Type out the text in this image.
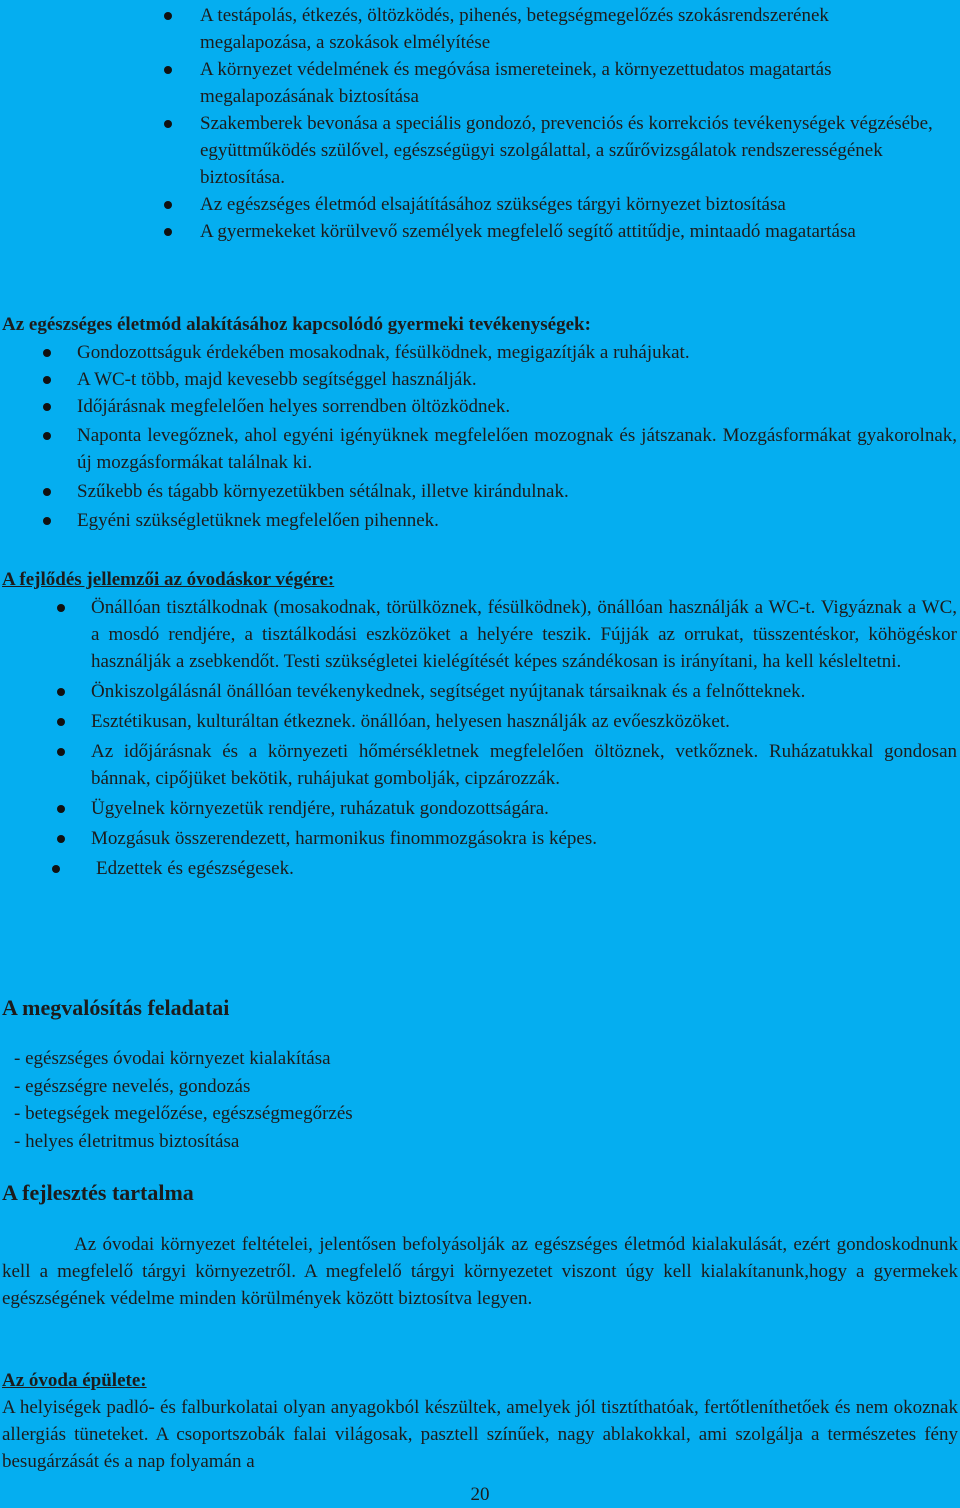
A testápolás, étkezés, öltözködés, pihenés, betegségmegelőzés szokásrendszerének megalapozása, a szokások elmélyítése
A környezet védelmének és megóvása ismereteinek, a környezettudatos magatartás megalapozásának biztosítása
Szakemberek bevonása a speciális gondozó, prevenciós és korrekciós tevékenységek végzésébe, együttműködés szülővel, egészségügyi szolgálattal, a szűrővizsgálatok rendszerességének biztosítása.
Az egészséges életmód elsajátításához szükséges tárgyi környezet biztosítása
A gyermekeket körülvevő személyek megfelelő segítő attitűdje, mintaadó magatartása
Az egészséges életmód alakításához kapcsolódó gyermeki tevékenységek:
Gondozottságuk érdekében mosakodnak, fésülködnek, megigazítják a ruhájukat.
A WC-t több, majd kevesebb segítséggel használják.
Időjárásnak megfelelően helyes sorrendben öltözködnek.
Naponta levegőznek, ahol egyéni igényüknek megfelelően mozognak és játszanak. Mozgásformákat gyakorolnak, új mozgásformákat találnak ki.
Szűkebb és tágabb környezetükben sétálnak, illetve kirándulnak.
Egyéni szükségletüknek megfelelően pihennek.
A fejlődés jellemzői az óvodáskor végére:
Önállóan tisztálkodnak (mosakodnak, törülköznek, fésülködnek), önállóan használják a WC-t. Vigyáznak a WC, a mosdó rendjére, a tisztálkodási eszközöket a helyére teszik. Fújják az orrukat, tüsszentéskor, köhögéskor használják a zsebkendőt. Testi szükségletei kielégítését képes szándékosan is irányítani, ha kell késleltetni.
Önkiszolgálásnál önállóan tevékenykednek, segítséget nyújtanak társaiknak és a felnőtteknek.
Esztétikusan, kulturáltan étkeznek. önállóan, helyesen használják az evőeszközöket.
Az időjárásnak és a környezeti hőmérsékletnek megfelelően öltöznek, vetkőznek. Ruházatukkal gondosan bánnak, cipőjüket bekötik, ruhájukat gombolják, cipzározzák.
Ügyelnek környezetük rendjére, ruházatuk gondozottságára.
Mozgásuk összerendezett, harmonikus finommozgásokra is képes.
Edzettek és egészségesek.
A megvalósítás feladatai
- egészséges óvodai környezet kialakítása
- egészségre nevelés, gondozás
- betegségek megelőzése, egészségmegőrzés
- helyes életritmus biztosítása
A fejlesztés tartalma

Az óvodai környezet feltételei, jelentősen befolyásolják az egészséges életmód kialakulását, ezért gondoskodnunk kell a megfelelő tárgyi környezetről. A megfelelő tárgyi környezetet viszont úgy kell kialakítanunk,hogy a gyermekek egészségének védelme minden körülmények között biztosítva legyen.

Az óvoda épülete:

A helyiségek padló- és falburkolatai olyan anyagokból készültek, amelyek jól tisztíthatóak, fertőtleníthetőek és nem okoznak allergiás tüneteket. A csoportszobák falai világosak, pasztell színűek, nagy ablakokkal, ami szolgálja a természetes fény besugárzását és a nap folyamán a

20
